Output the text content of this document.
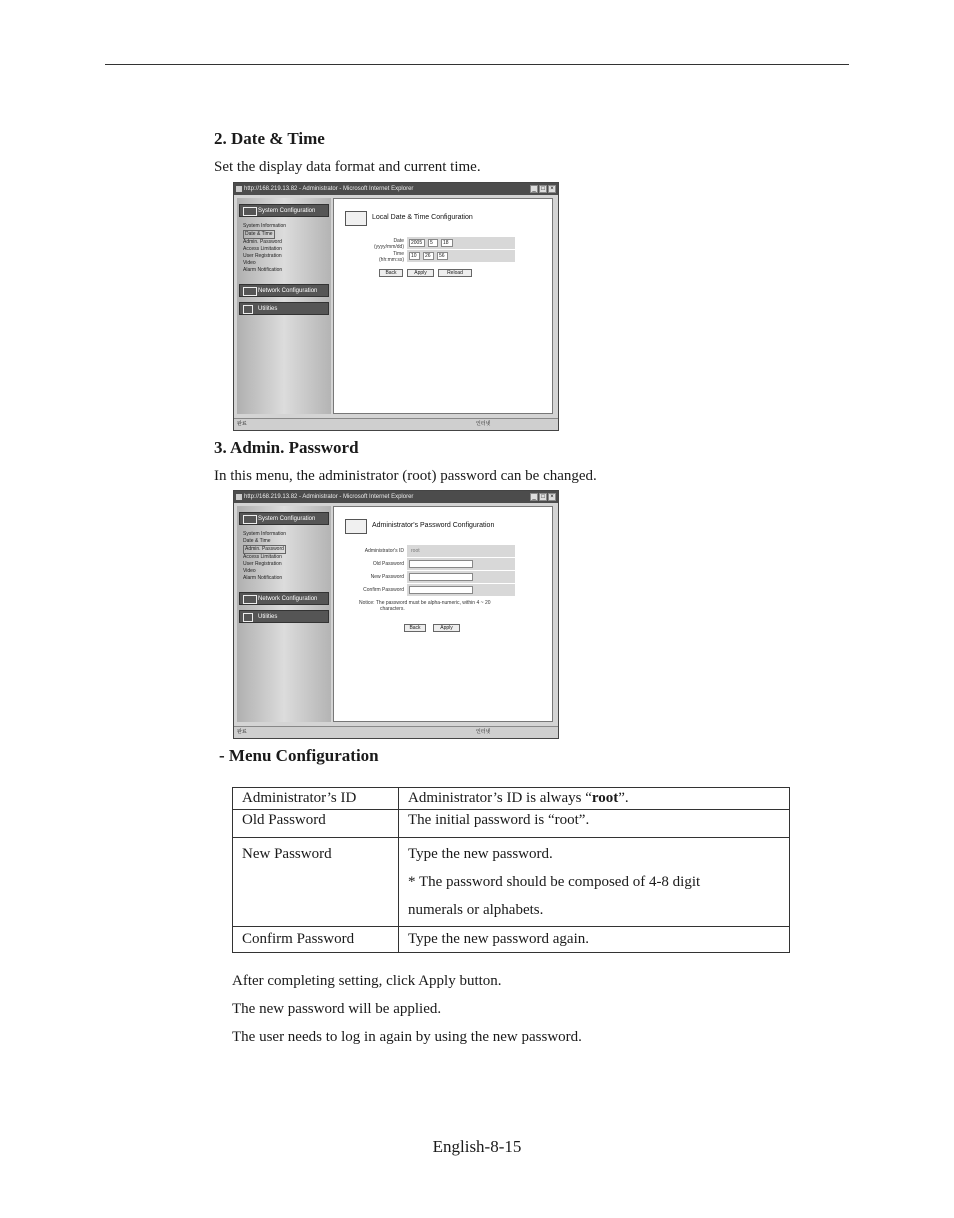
2. Date & Time
Set the display data format and current time.
http://168.219.13.82 - Administrator - Microsoft Internet Explorer	_ □ ×
System Configuration
System Information
Date & Time
Admin. Password
Access Limitation
User Registration
Video
Alarm Notification
Network Configuration
Utilities
Local Date & Time Configuration
Date
(yyyy/mm/dd)
2005	5	18
Time
(hh:mm:ss)
10	26	56
Back	Apply	Reload
완료	인터넷
3. Admin. Password
In this menu, the administrator (root) password can be changed.
http://168.219.13.82 - Administrator - Microsoft Internet Explorer	_ □ ×
System Configuration
System Information
Date & Time
Admin. Password
Access Limitation
User Registration
Video
Alarm Notification
Network Configuration
Utilities
Administrator's Password Configuration
Administrator's ID root
Old Password
New Password
Confirm Password
Notice: The password must be alpha-numeric, within 4 ~ 20
characters.
Back	Apply
완료	인터넷
- Menu Configuration
Administrator’s ID	Administrator’s ID is always “root”.
Old Password	The initial password is “root”.

New Password	Type the new password.

* The password should be composed of 4-8 digit

numerals or alphabets.

Confirm Password	Type the new password again.
After completing setting, click Apply button.
The new password will be applied.
The user needs to log in again by using the new password.
English-8-15
